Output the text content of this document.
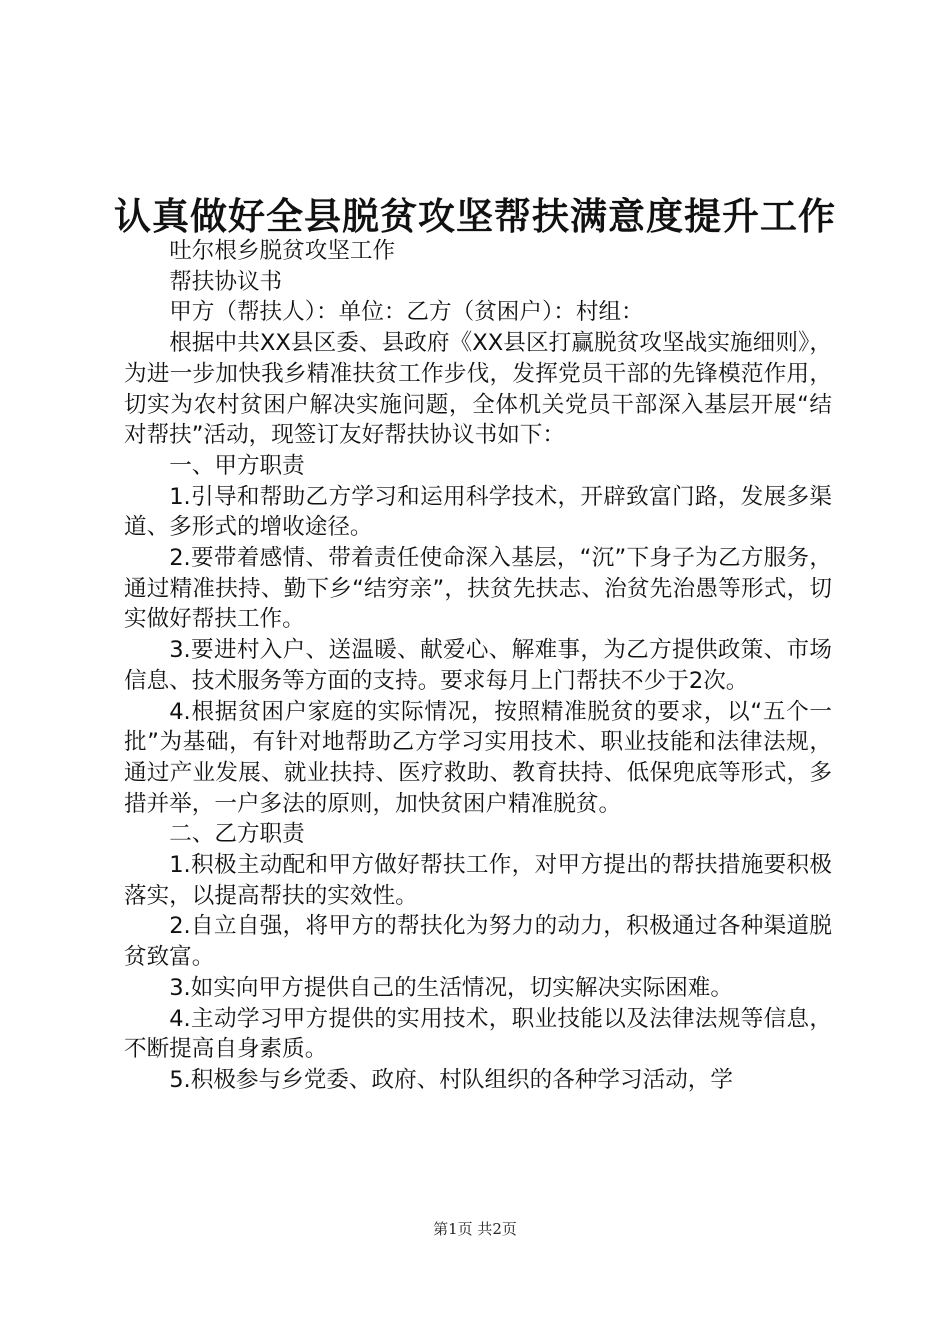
认真做好全县脱贫攻坚帮扶满意度提升工作

吐尔根乡脱贫攻坚工作

帮扶协议书

甲方（帮扶人）：单位：乙方（贫困户）：村组：

根据中共XX县区委、县政府《XX县区打赢脱贫攻坚战实施细则》，为进一步加快我乡精准扶贫工作步伐，发挥党员干部的先锋模范作用，切实为农村贫困户解决实施问题，全体机关党员干部深入基层开展“结对帮扶”活动，现签订友好帮扶协议书如下：

一、甲方职责

1.引导和帮助乙方学习和运用科学技术，开辟致富门路，发展多渠道、多形式的增收途径。

2.要带着感情、带着责任使命深入基层，“沉”下身子为乙方服务，通过精准扶持、勤下乡“结穷亲”，扶贫先扶志、治贫先治愚等形式，切实做好帮扶工作。

3.要进村入户、送温暖、献爱心、解难事，为乙方提供政策、市场信息、技术服务等方面的支持。要求每月上门帮扶不少于2次。

4.根据贫困户家庭的实际情况，按照精准脱贫的要求，以“五个一批”为基础，有针对地帮助乙方学习实用技术、职业技能和法律法规，通过产业发展、就业扶持、医疗救助、教育扶持、低保兜底等形式，多措并举，一户多法的原则，加快贫困户精准脱贫。

二、乙方职责

1.积极主动配和甲方做好帮扶工作，对甲方提出的帮扶措施要积极落实，以提高帮扶的实效性。

2.自立自强，将甲方的帮扶化为努力的动力，积极通过各种渠道脱贫致富。

3.如实向甲方提供自己的生活情况，切实解决实际困难。

4.主动学习甲方提供的实用技术，职业技能以及法律法规等信息，不断提高自身素质。

5.积极参与乡党委、政府、村队组织的各种学习活动，学

第1页 共2页
